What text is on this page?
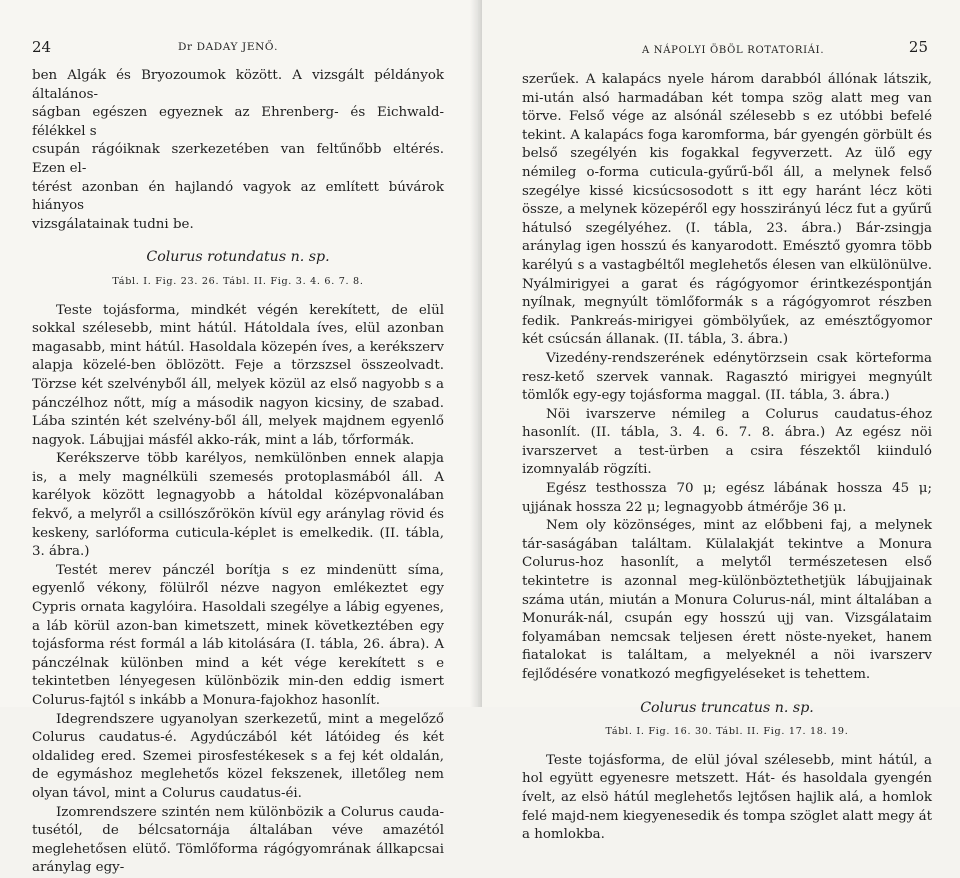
24	Dr DADAY JENŐ.

ben Algák és Bryozoumok között. A vizsgált példányok általános-

ságban egészen egyeznek az Ehrenberg- és Eichwald-félékkel s

csupán rágóiknak szerkezetében van feltűnőbb eltérés. Ezen el-

térést azonban én hajlandó vagyok az említett búvárok hiányos

vizsgálatainak tudni be.

Colurus rotundatus n. sp.

Tábl. I. Fig. 23. 26. Tábl. II. Fig. 3. 4. 6. 7. 8.

Teste tojásforma, mindkét végén kerekített, de elül sokkal szélesebb, mint hátúl. Hátoldala íves, elül azonban magasabb, mint hátúl. Hasoldala közepén íves, a kerékszerv alapja közelé-ben öblözött. Feje a törzszsel összeolvadt. Törzse két szelvényből áll, melyek közül az első nagyobb s a pánczélhoz nőtt, míg a második nagyon kicsiny, de szabad. Lába szintén két szelvény-ből áll, melyek majdnem egyenlő nagyok. Lábujjai másfél akko-rák, mint a láb, tőrformák.

Kerékszerve több karélyos, nemkülönben ennek alapja is, a mely magnélküli szemesés protoplasmából áll. A karélyok között legnagyobb a hátoldal középvonalában fekvő, a melyről a csillószőrökön kívül egy aránylag rövid és keskeny, sarlóforma cuticula-képlet is emelkedik. (II. tábla, 3. ábra.)

Testét merev pánczél borítja s ez mindenütt síma, egyenlő vékony, fölülről nézve nagyon emlékeztet egy Cypris ornata kagylóira. Hasoldali szegélye a lábig egyenes, a láb körül azon-ban kimetszett, minek következtében egy tojásforma rést formál a láb kitolására (I. tábla, 26. ábra). A pánczélnak különben mind a két vége kerekített s e tekintetben lényegesen különbözik min-den eddig ismert Colurus-fajtól s inkább a Monura-fajokhoz hasonlít.

Idegrendszere ugyanolyan szerkezetű, mint a megelőző Colurus caudatus-é. Agydúczából két látóideg és két oldalideg ered. Szemei pirosfestékesek s a fej két oldalán, de egymáshoz meglehetős közel fekszenek, illetőleg nem olyan távol, mint a Colurus caudatus-éi.

Izomrendszere szintén nem különbözik a Colurus cauda-tusétól, de bélcsatornája általában véve amazétól meglehetősen elütő. Tömlőforma rágógyomrának állkapcsai aránylag egy-

A NÁPOLYI ÖBÖL ROTATORIÁI.	25

szerűek. A kalapács nyele három darabból állónak látszik, mi-után alsó harmadában két tompa szög alatt meg van törve. Felső vége az alsónál szélesebb s ez utóbbi befelé tekint. A kalapács foga karomforma, bár gyengén görbült és belső szegélyén kis fogakkal fegyverzett. Az ülő egy némileg o-forma cuticula-gyűrű-ből áll, a melynek felső szegélye kissé kicsúcsosodott s itt egy haránt lécz köti össze, a melynek közepéről egy hosszirányú lécz fut a gyűrű hátulsó szegélyéhez. (I. tábla, 23. ábra.) Bár-zsingja aránylag igen hosszú és kanyarodott. Emésztő gyomra több karélyú s a vastagbéltől meglehetős élesen van elkülönülve. Nyálmirigyei a garat és rágógyomor érintkezéspontján nyílnak, megnyúlt tömlőformák s a rágógyomrot részben fedik. Pankreás-mirigyei gömbölyűek, az emésztőgyomor két csúcsán állanak. (II. tábla, 3. ábra.)

Vizedény-rendszerének edénytörzsein csak körteforma resz-kető szervek vannak. Ragasztó mirigyei megnyúlt tömlők egy-egy tojásforma maggal. (II. tábla, 3. ábra.)

Nöi ivarszerve némileg a Colurus caudatus-éhoz hasonlít. (II. tábla, 3. 4. 6. 7. 8. ábra.) Az egész nöi ivarszervet a test-ürben a csira fészektől kiinduló izomnyaláb rögzíti.

Egész testhossza 70 μ; egész lábának hossza 45 μ; ujjának hossza 22 μ; legnagyobb átmérője 36 μ.

Nem oly közönséges, mint az előbbeni faj, a melynek tár-saságában találtam. Külalakját tekintve a Monura Colurus-hoz hasonlít, a melytől természetesen első tekintetre is azonnal meg-különböztethetjük lábujjainak száma után, miután a Monura Colurus-nál, mint általában a Monurák-nál, csupán egy hosszú ujj van. Vizsgálataim folyamában nemcsak teljesen érett nöste-nyeket, hanem fiatalokat is találtam, a melyeknél a nöi ivarszerv fejlődésére vonatkozó megfigyeléseket is tehettem.

Colurus truncatus n. sp.

Tábl. I. Fig. 16. 30. Tábl. II. Fig. 17. 18. 19.

Teste tojásforma, de elül jóval szélesebb, mint hátúl, a hol együtt egyenesre metszett. Hát- és hasoldala gyengén ívelt, az elsö hátúl meglehetős lejtősen hajlik alá, a homlok felé majd-nem kiegyenesedik és tompa szöglet alatt megy át a homlokba.
